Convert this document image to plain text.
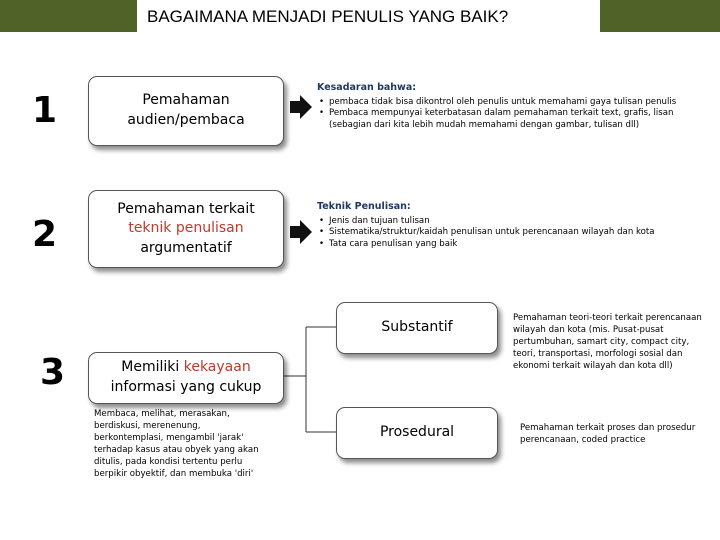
BAGAIMANA MENJADI PENULIS YANG BAIK?
1	Pemahaman audien/pembaca
Kesadaran bahwa:
• pembaca tidak bisa dikontrol oleh penulis untuk memahami gaya tulisan penulis
• Pembaca mempunyai keterbatasan dalam pemahaman terkait text, grafis, lisan (sebagian dari kita lebih mudah memahami dengan gambar, tulisan dll)
2
Pemahaman terkait
teknik penulisan
argumentatif
Teknik Penulisan:
• Jenis dan tujuan tulisan
• Sistematika/struktur/kaidah penulisan untuk perencanaan wilayah dan kota
• Tata cara penulisan yang baik
3	Memiliki kekayaan
informasi yang cukup
Membaca, melihat, merasakan, berdiskusi, merenenung, berkontemplasi, mengambil 'jarak' terhadap kasus atau obyek yang akan ditulis, pada kondisi tertentu perlu berpikir obyektif, dan membuka 'diri'
Substantif
Prosedural
Pemahaman teori-teori terkait perencanaan wilayah dan kota (mis. Pusat-pusat pertumbuhan, samart city, compact city, teori, transportasi, morfologi sosial dan ekonomi terkait wilayah dan kota dll)
Pemahaman terkait proses dan prosedur perencanaan, coded practice
